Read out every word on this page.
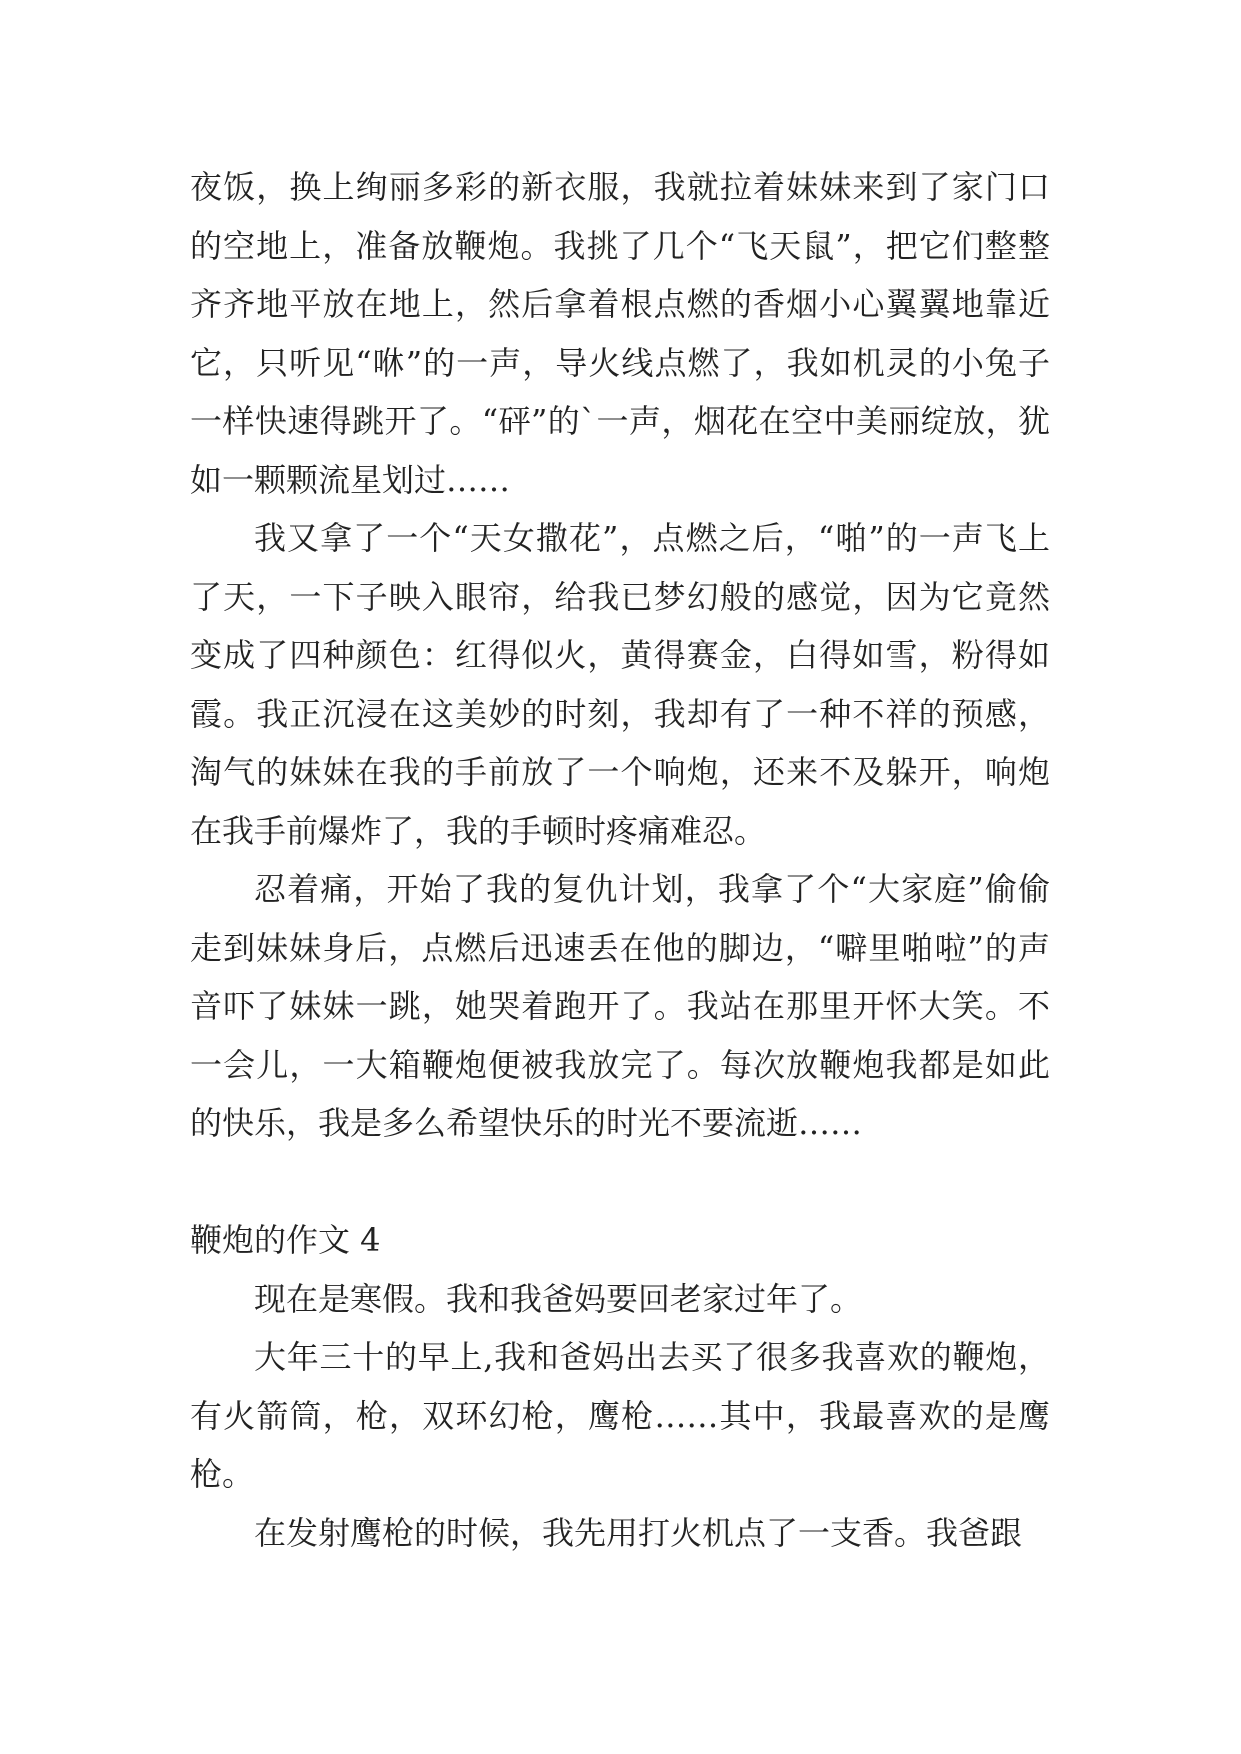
夜饭，换上绚丽多彩的新衣服，我就拉着妹妹来到了家门口的空地上，准备放鞭炮。我挑了几个“飞天鼠”，把它们整整齐齐地平放在地上，然后拿着根点燃的香烟小心翼翼地靠近它，只听见“咻”的一声，导火线点燃了，我如机灵的小兔子一样快速得跳开了。“砰”的`一声，烟花在空中美丽绽放，犹如一颗颗流星划过……

我又拿了一个“天女撒花”，点燃之后，“啪”的一声飞上了天，一下子映入眼帘，给我已梦幻般的感觉，因为它竟然变成了四种颜色：红得似火，黄得赛金，白得如雪，粉得如霞。我正沉浸在这美妙的时刻，我却有了一种不祥的预感，淘气的妹妹在我的手前放了一个响炮，还来不及躲开，响炮在我手前爆炸了，我的手顿时疼痛难忍。

忍着痛，开始了我的复仇计划，我拿了个“大家庭”偷偷走到妹妹身后，点燃后迅速丢在他的脚边，“噼里啪啦”的声音吓了妹妹一跳，她哭着跑开了。我站在那里开怀大笑。不一会儿，一大箱鞭炮便被我放完了。每次放鞭炮我都是如此的快乐，我是多么希望快乐的时光不要流逝……

鞭炮的作文 4

现在是寒假。我和我爸妈要回老家过年了。

大年三十的早上,我和爸妈出去买了很多我喜欢的鞭炮，有火箭筒，枪，双环幻枪，鹰枪……其中，我最喜欢的是鹰枪。

在发射鹰枪的时候，我先用打火机点了一支香。我爸跟
